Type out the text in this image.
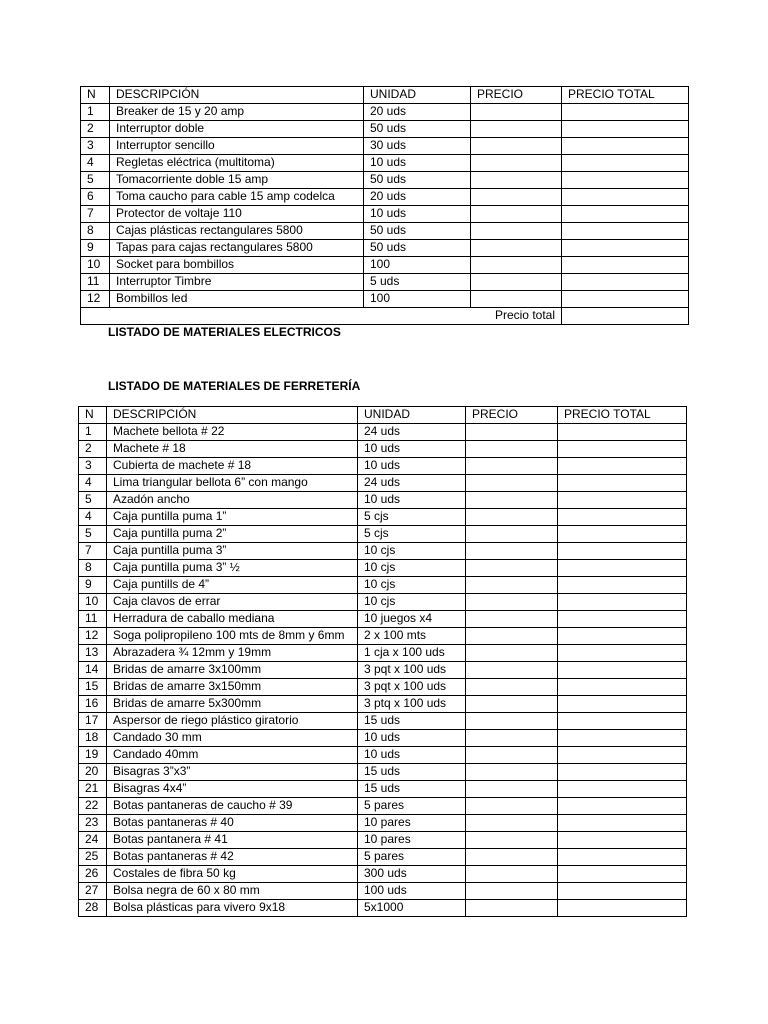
N	DESCRIPCIÓN	UNIDAD	PRECIO	PRECIO TOTAL
1	Breaker de 15 y 20 amp	20 uds		
2	Interruptor doble	50 uds		
3	Interruptor sencillo	30 uds		
4	Regletas eléctrica (multitoma)	10 uds		
5	Tomacorriente doble 15 amp	50 uds		
6	Toma caucho para cable 15 amp codelca	20 uds		
7	Protector de voltaje 110	10 uds		
8	Cajas plásticas rectangulares 5800	50 uds		
9	Tapas para cajas rectangulares 5800	50 uds		
10	Socket para bombillos	100		
11	Interruptor Timbre	5 uds		
12	Bombillos led	100		
Precio total				
LISTADO DE MATERIALES ELECTRICOS
LISTADO DE MATERIALES DE FERRETERÍA
N	DESCRIPCIÓN	UNIDAD	PRECIO	PRECIO TOTAL
1	Machete bellota # 22	24 uds		
2	Machete # 18	10 uds		
3	Cubierta de machete # 18	10 uds		
4	Lima triangular bellota 6” con mango	24 uds		
5	Azadón ancho	10 uds		
4	Caja puntilla puma 1”	5 cjs		
5	Caja puntilla puma 2”	5 cjs		
7	Caja puntilla puma 3”	10 cjs		
8	Caja puntilla puma 3” ½	10 cjs		
9	Caja puntills de 4”	10 cjs		
10	Caja clavos de errar	10 cjs		
11	Herradura de caballo mediana	10 juegos x4		
12	Soga polipropileno 100 mts de 8mm y 6mm	2 x 100 mts		
13	Abrazadera ¾ 12mm y 19mm	1 cja x 100 uds		
14	Bridas de amarre 3x100mm	3 pqt x 100 uds		
15	Bridas de amarre 3x150mm	3 pqt x 100 uds		
16	Bridas de amarre 5x300mm	3 ptq x 100 uds		
17	Aspersor de riego plástico giratorio	15 uds		
18	Candado 30 mm	10 uds		
19	Candado 40mm	10 uds		
20	Bisagras 3”x3”	15 uds		
21	Bisagras 4x4”	15 uds		
22	Botas pantaneras de caucho # 39	5 pares		
23	Botas pantaneras # 40	10 pares		
24	Botas pantanera # 41	10 pares		
25	Botas pantaneras # 42	5 pares		
26	Costales de fibra 50 kg	300 uds		
27	Bolsa negra de 60 x 80 mm	100 uds		
28	Bolsa plásticas para vivero 9x18	5x1000		
